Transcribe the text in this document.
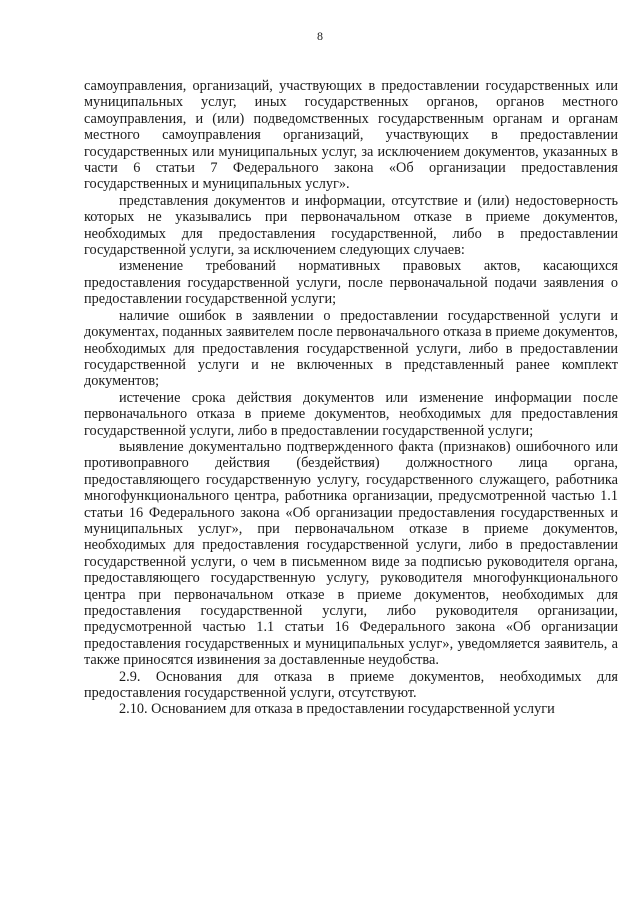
8

самоуправления, организаций, участвующих в предоставлении государственных или муниципальных услуг, иных государственных органов, органов местного самоуправления, и (или) подведомственных государственным органам и органам местного самоуправления организаций, участвующих в предоставлении государственных или муниципальных услуг, за исключением документов, указанных в части 6 статьи 7 Федерального закона «Об организации предоставления государственных и муниципальных услуг».

представления документов и информации, отсутствие и (или) недостоверность которых не указывались при первоначальном отказе в приеме документов, необходимых для предоставления государственной, либо в предоставлении государственной услуги, за исключением следующих случаев:

изменение требований нормативных правовых актов, касающихся предоставления государственной услуги, после первоначальной подачи заявления о предоставлении государственной услуги;

наличие ошибок в заявлении о предоставлении государственной услуги и документах, поданных заявителем после первоначального отказа в приеме документов, необходимых для предоставления государственной услуги, либо в предоставлении государственной услуги и не включенных в представленный ранее комплект документов;

истечение срока действия документов или изменение информации после первоначального отказа в приеме документов, необходимых для предоставления государственной услуги, либо в предоставлении государственной услуги;

выявление документально подтвержденного факта (признаков) ошибочного или противоправного действия (бездействия) должностного лица органа, предоставляющего государственную услугу, государственного служащего, работника многофункционального центра, работника организации, предусмотренной частью 1.1 статьи 16 Федерального закона «Об организации предоставления государственных и муниципальных услуг», при первоначальном отказе в приеме документов, необходимых для предоставления государственной услуги, либо в предоставлении государственной услуги, о чем в письменном виде за подписью руководителя органа, предоставляющего государственную услугу, руководителя многофункционального центра при первоначальном отказе в приеме документов, необходимых для предоставления государственной услуги, либо руководителя организации, предусмотренной частью 1.1 статьи 16 Федерального закона «Об организации предоставления государственных и муниципальных услуг», уведомляется заявитель, а также приносятся извинения за доставленные неудобства.

2.9. Основания для отказа в приеме документов, необходимых для предоставления государственной услуги, отсутствуют.

2.10. Основанием для отказа в предоставлении государственной услуги
